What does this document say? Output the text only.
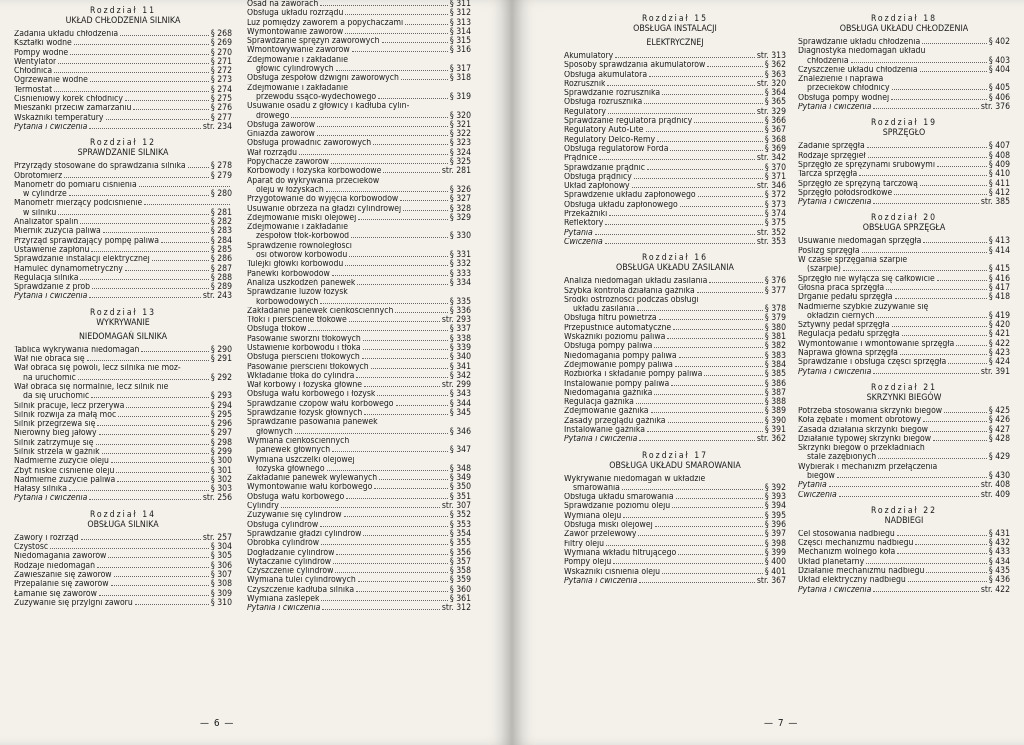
Rozdział 11
UKŁAD CHŁODZENIA SILNIKA
Zadania układu chłodzenia	§ 268
Kształki wodne	§ 269
Pompy wodne	§ 270
Wentylator	§ 271
Chłodnica	§ 272
Ogrzewanie wodne	§ 273
Termostat	§ 274
Ciśnieniowy korek chłodnicy	§ 275
Mieszanki przeciw zamarzaniu	§ 276
Wskaźniki temperatury	§ 277
Pytania i ćwiczenia	str. 234
Rozdział 12
SPRAWDZANIE SILNIKA
Przyrządy stosowane do sprawdzania silnika	§ 278
Obrotomierz	§ 279
Manometr do pomiaru ciśnienia
w cylindrze	§ 280
Manometr mierzący podciśnienie
w silniku	§ 281
Analizator spalin	§ 282
Miernik zużycia paliwa	§ 283
Przyrząd sprawdzający pompę paliwa	§ 284
Ustawienie zapłonu	§ 285
Sprawdzanie instalacji elektrycznej	§ 286
Hamulec dynamometryczny	§ 287
Regulacja silnika	§ 288
Sprawdzanie z prob	§ 289
Pytania i ćwiczenia	str. 243
Rozdział 13
WYKRYWANIE
NIEDOMAGAŃ SILNIKA
Tablica wykrywania niedomagań	§ 290
Wał nie obraca się	§ 291
Wał obraca się powoli, lecz silnika nie moż-
na uruchomić	§ 292
Wał obraca się normalnie, lecz silnik nie
da się uruchomić	§ 293
Silnik pracuje, lecz przerywa	§ 294
Silnik rozwija za małą moc	§ 295
Silnik przegrzewa się	§ 296
Nierówny bieg jałowy	§ 297
Silnik zatrzymuje się	§ 298
Silnik strzela w gaźnik	§ 299
Nadmierne zużycie oleju	§ 300
Zbyt niskie ciśnienie oleju	§ 301
Nadmierne zużycie paliwa	§ 302
Hałasy silnika	§ 303
Pytania i ćwiczenia	str. 256
Rozdział 14
OBSŁUGA SILNIKA
Zawory i rozrząd	str. 257
Czystość	§ 304
Niedomagania zaworów	§ 305
Rodzaje niedomagań	§ 306
Zawieszanie się zaworów	§ 307
Przepalanie się zaworów	§ 308
Łamanie się zaworów	§ 309
Zużywanie się przylgni zaworu	§ 310
Osad na zaworach	§ 311
Obsługa układu rozrządu	§ 312
Luz pomiędzy zaworem a popychaczami	§ 313
Wymontowanie zaworów	§ 314
Sprawdzanie sprężyn zaworowych	§ 315
Wmontowywanie zaworów	§ 316
Zdejmowanie i zakładanie
głowic cylindrowych	§ 317
Obsługa zespołów dźwigni zaworowych	§ 318
Zdejmowanie i zakładanie
przewodu ssąco-wydechowego	§ 319
Usuwanie osadu z głowicy i kadłuba cylin-
drowego	§ 320
Obsługa zaworów	§ 321
Gniazda zaworów	§ 322
Obsługa prowadnic zaworowych	§ 323
Wał rozrządu	§ 324
Popychacze zaworów	§ 325
Korbowody i łożyska korbowodowe	str. 281
Aparat do wykrywania przecieków
oleju w łożyskach	§ 326
Przygotowanie do wyjęcia korbowodów	§ 327
Usuwanie obrzeża na gładzi cylindrowej	§ 328
Zdejmowanie miski olejowej	§ 329
Zdejmowanie i zakładanie
zespołów tłok-korbowód	§ 330
Sprawdzenie równoległości
osi otworów korbowodu	§ 331
Tulejki główki korbowodu	§ 332
Panewki korbowodów	§ 333
Analiza uszkodzeń panewek	§ 334
Sprawdzanie luzów łożysk
korbowodowych	§ 335
Zakładanie panewek cienkościennych	§ 336
Tłoki i pierścienie tłokowe	str. 293
Obsługa tłoków	§ 337
Pasowanie sworzni tłokowych	§ 338
Ustawienie korbowodu i tłoka	§ 339
Obsługa pierścieni tłokowych	§ 340
Pasowanie pierścieni tłokowych	§ 341
Wkładanie tłoka do cylindra	§ 342
Wał korbowy i łożyska główne	str. 299
Obsługa wału korbowego i łożysk	§ 343
Sprawdzanie czopów wału korbowego	§ 344
Sprawdzanie łożysk głównych	§ 345
Sprawdzanie pasowania panewek
głównych	§ 346
Wymiana cienkościennych
panewek głównych	§ 347
Wymiana uszczelki olejowej
łożyska głównego	§ 348
Zakładanie panewek wylewanych	§ 349
Wymontowanie wału korbowego	§ 350
Obsługa wału korbowego	§ 351
Cylindry	str. 307
Zużywanie się cylindrów	§ 352
Obsługa cylindrów	§ 353
Sprawdzanie gładzi cylindrów	§ 354
Obróbka cylindrów	§ 355
Dogładzanie cylindrów	§ 356
Wytaczanie cylindrów	§ 357
Czyszczenie cylindrów	§ 358
Wymiana tulei cylindrowych	§ 359
Czyszczenie kadłuba silnika	§ 360
Wymiana zaślepek	§ 361
Pytania i ćwiczenia	str. 312
— 6 —
Rozdział 15
OBSŁUGA INSTALACJI
ELEKTRYCZNEJ
Akumulatory	str. 313
Sposoby sprawdzania akumulatorów	§ 362
Obsługa akumulatora	§ 363
Rozrusznik	str. 320
Sprawdzanie rozrusznika	§ 364
Obsługa rozrusznika	§ 365
Regulatory	str. 329
Sprawdzanie regulatora prądnicy	§ 366
Regulatory Auto-Lite	§ 367
Regulatory Delco-Remy	§ 368
Obsługa regulatorów Forda	§ 369
Prądnice	str. 342
Sprawdzanie prądnic	§ 370
Obsługa prądnicy	§ 371
Układ zapłonowy	str. 346
Sprawdzenie układu zapłonowego	§ 372
Obsługa układu zapłonowego	§ 373
Przekaźniki	§ 374
Reflektory	§ 375
Pytania	str. 352
Ćwiczenia	str. 353
Rozdział 16
OBSŁUGA UKŁADU ZASILANIA
Analiza niedomagań układu zasilania	§ 376
Szybka kontrola działania gaźnika	§ 377
Środki ostrożności podczas obsługi
układu zasilania	§ 378
Obsługa filtru powietrza	§ 379
Przepustnice automatyczne	§ 380
Wskaźniki poziomu paliwa	§ 381
Obsługa pompy paliwa	§ 382
Niedomagania pompy paliwa	§ 383
Zdejmowanie pompy paliwa	§ 384
Rozbiórka i składanie pompy paliwa	§ 385
Instalowanie pompy paliwa	§ 386
Niedomagania gaźnika	§ 387
Regulacja gaźnika	§ 388
Zdejmowanie gaźnika	§ 389
Zasady przeglądu gaźnika	§ 390
Instalowanie gaźnika	§ 391
Pytania i ćwiczenia	str. 362
Rozdział 17
OBSŁUGA UKŁADU SMAROWANIA
Wykrywanie niedomagań w układzie
smarowania	§ 392
Obsługa układu smarowania	§ 393
Sprawdzanie poziomu oleju	§ 394
Wymiana oleju	§ 395
Obsługa miski olejowej	§ 396
Zawór przelewowy	§ 397
Filtry oleju	§ 398
Wymiana wkładu filtrującego	§ 399
Pompy oleju	§ 400
Wskaźniki ciśnienia oleju	§ 401
Pytania i ćwiczenia	str. 367
Rozdział 18
OBSŁUGA UKŁADU CHŁODZENIA
Sprawdzanie układu chłodzenia	§ 402
Diagnostyka niedomagań układu
chłodzenia	§ 403
Czyszczenie układu chłodzenia	§ 404
Znalezienie i naprawa
przecieków chłodnicy	§ 405
Obsługa pompy wodnej	§ 406
Pytania i ćwiczenia	str. 376
Rozdział 19
SPRZĘGŁO
Zadanie sprzęgła	§ 407
Rodzaje sprzęgieł	§ 408
Sprzęgło ze sprężynami śrubowymi	§ 409
Tarcza sprzęgła	§ 410
Sprzęgło ze sprężyną tarczową	§ 411
Sprzęgło półodśrodkowe	§ 412
Pytania i ćwiczenia	str. 385
Rozdział 20
OBSŁUGA SPRZĘGŁA
Usuwanie niedomagań sprzęgła	§ 413
Poślizg sprzęgła	§ 414
W czasie sprzęgania szarpie
(szarpie)	§ 415
Sprzęgło nie wyłącza się całkowicie	§ 416
Głośna praca sprzęgła	§ 417
Drganie pedału sprzęgła	§ 418
Nadmierne szybkie zużywanie się
okładzin ciernych	§ 419
Sztywny pedał sprzęgła	§ 420
Regulacja pedału sprzęgła	§ 421
Wymontowanie i wmontowanie sprzęgła	§ 422
Naprawa główna sprzęgła	§ 423
Sprawdzanie i obsługa części sprzęgła	§ 424
Pytania i ćwiczenia	str. 391
Rozdział 21
SKRZYNKI BIEGÓW
Potrzeba stosowania skrzynki biegów	§ 425
Koła zębate i moment obrotowy	§ 426
Zasada działania skrzynki biegów	§ 427
Działanie typowej skrzynki biegów	§ 428
Skrzynki biegów o przekładniach
stale zazębionych	§ 429
Wybierak i mechanizm przełączenia
biegów	§ 430
Pytania	str. 408
Ćwiczenia	str. 409
Rozdział 22
NADBIEGI
Cel stosowania nadbiegu	§ 431
Części mechanizmu nadbiegu	§ 432
Mechanizm wolnego koła	§ 433
Układ planetarny	§ 434
Działanie mechanizmu nadbiegu	§ 435
Układ elektryczny nadbiegu	§ 436
Pytania i ćwiczenia	str. 422
— 7 —
